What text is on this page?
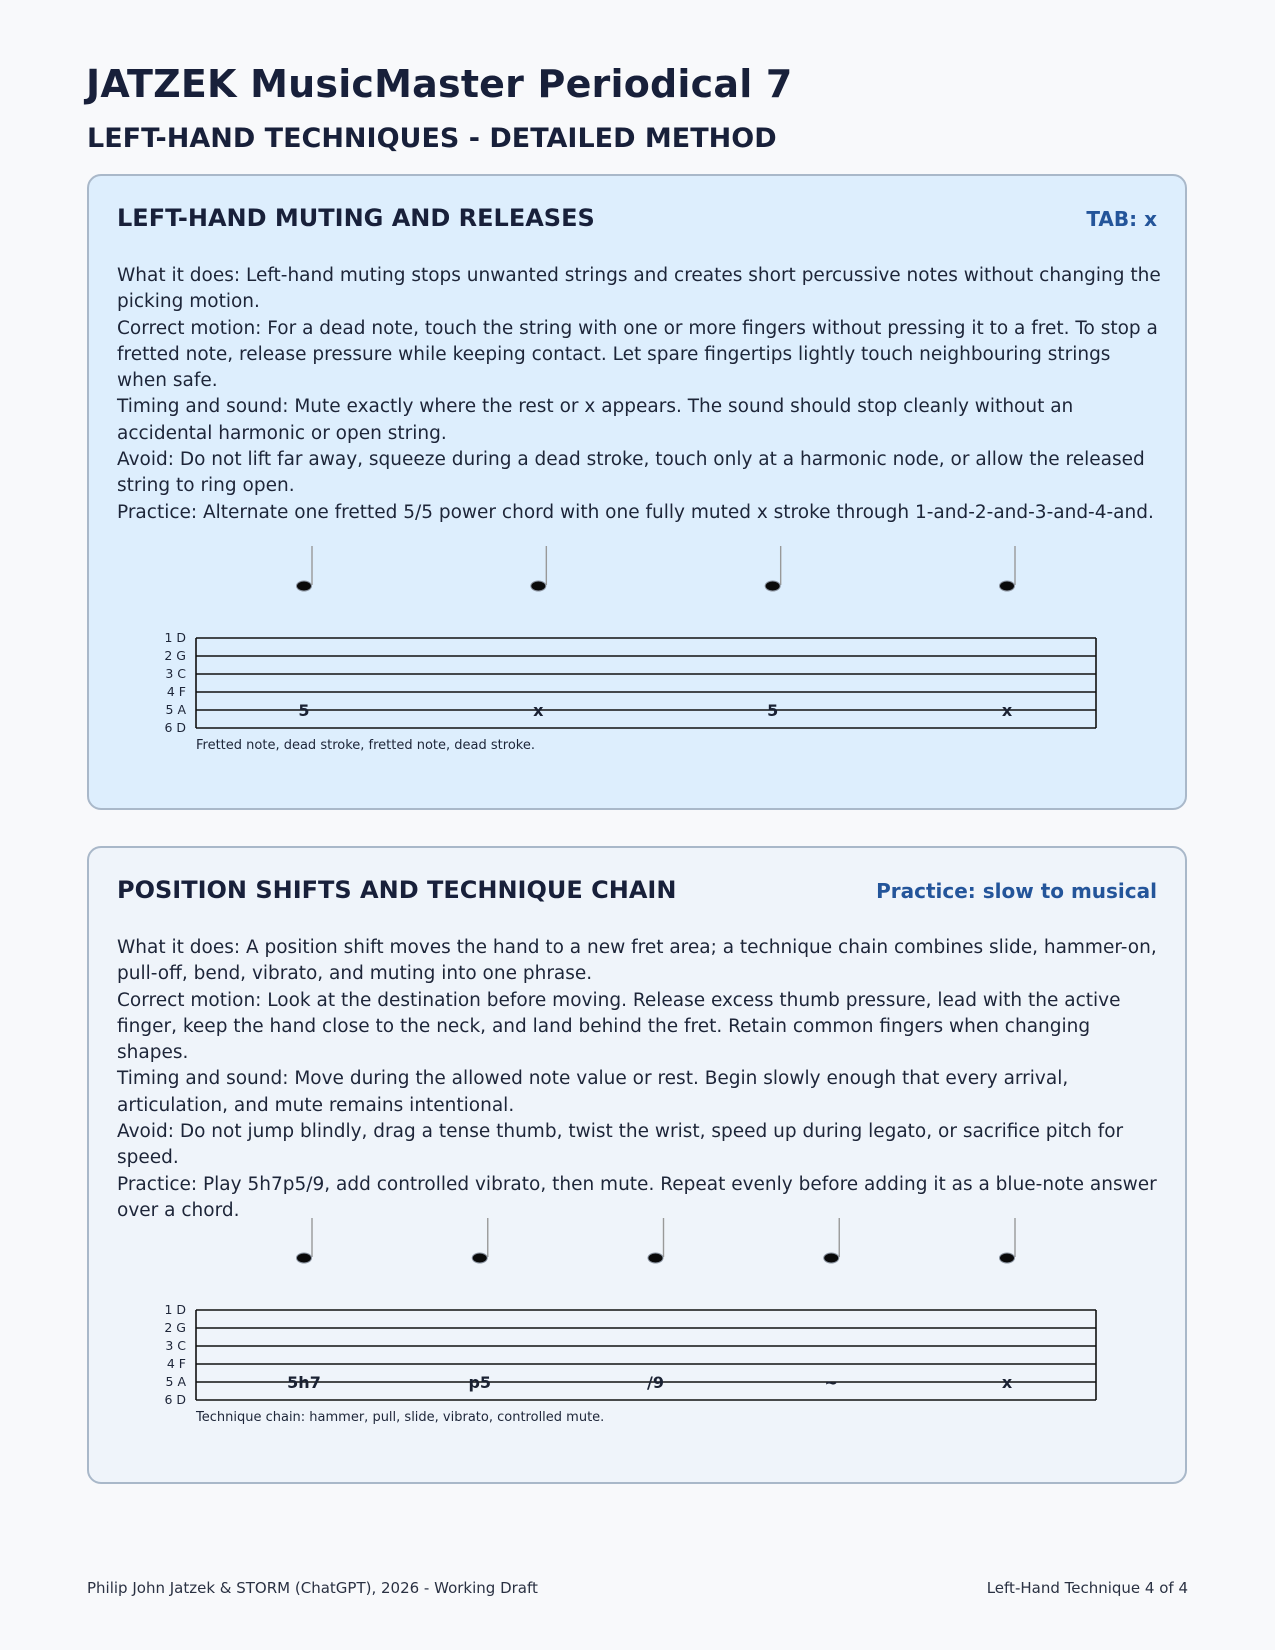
JATZEK MusicMaster Periodical 7
LEFT-HAND TECHNIQUES - DETAILED METHOD
LEFT-HAND MUTING AND RELEASES	TAB: x

What it does: Left-hand muting stops unwanted strings and creates short percussive notes without changing the picking motion.

Correct motion: For a dead note, touch the string with one or more fingers without pressing it to a fret. To stop a fretted note, release pressure while keeping contact. Let spare fingertips lightly touch neighbouring strings when safe.

Timing and sound: Mute exactly where the rest or x appears. The sound should stop cleanly without an accidental harmonic or open string.

Avoid: Do not lift far away, squeeze during a dead stroke, touch only at a harmonic node, or allow the released string to ring open.

Practice: Alternate one fretted 5/5 power chord with one fully muted x stroke through 1-and-2-and-3-and-4-and.

1 D
2 G
3 C
4 F
5 A
6 D
5	x	5	x
Fretted note, dead stroke, fretted note, dead stroke.
POSITION SHIFTS AND TECHNIQUE CHAIN	Practice: slow to musical

What it does: A position shift moves the hand to a new fret area; a technique chain combines slide, hammer-on, pull-off, bend, vibrato, and muting into one phrase.

Correct motion: Look at the destination before moving. Release excess thumb pressure, lead with the active finger, keep the hand close to the neck, and land behind the fret. Retain common fingers when changing shapes.

Timing and sound: Move during the allowed note value or rest. Begin slowly enough that every arrival, articulation, and mute remains intentional.

Avoid: Do not jump blindly, drag a tense thumb, twist the wrist, speed up during legato, or sacrifice pitch for speed.

Practice: Play 5h7p5/9, add controlled vibrato, then mute. Repeat evenly before adding it as a blue-note answer over a chord.

1 D
2 G
3 C
4 F
5 A
6 D
5h7	p5	/9	~	x
Technique chain: hammer, pull, slide, vibrato, controlled mute.
Philip John Jatzek & STORM (ChatGPT), 2026 - Working Draft	Left-Hand Technique 4 of 4
